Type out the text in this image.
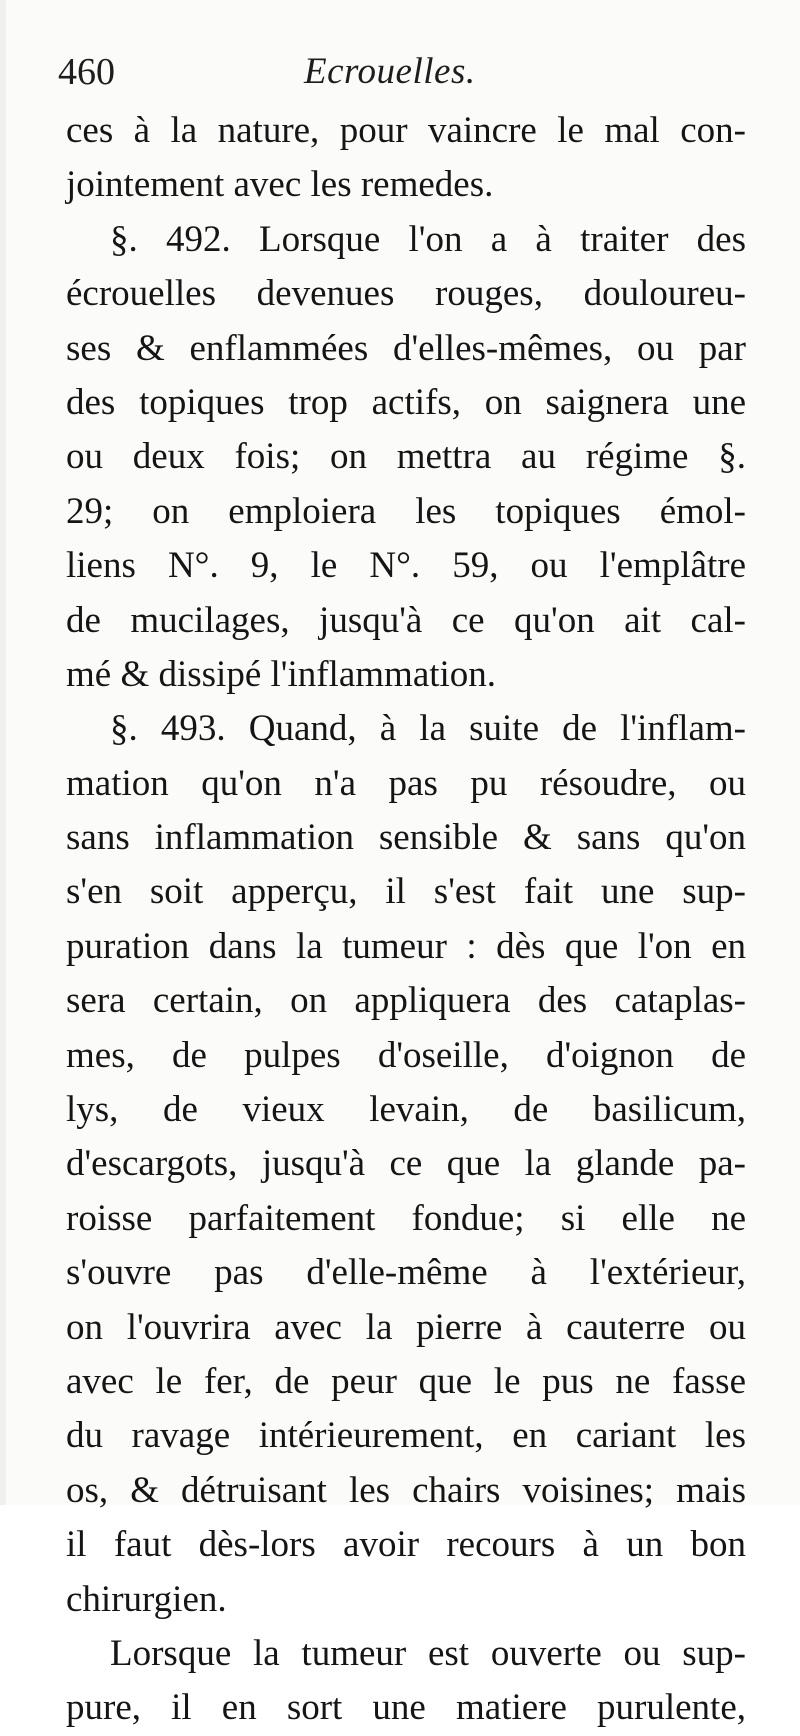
460	Ecrouelles.
ces à la nature, pour vaincre le mal con-
jointement avec les remedes.
§. 492. Lorsque l'on a à traiter des
écrouelles devenues rouges, douloureu-
ses & enflammées d'elles-mêmes, ou par
des topiques trop actifs, on saignera une
ou deux fois; on mettra au régime §.
29; on emploiera les topiques émol-
liens N°. 9, le N°. 59, ou l'emplâtre
de mucilages, jusqu'à ce qu'on ait cal-
mé & dissipé l'inflammation.
§. 493. Quand, à la suite de l'inflam-
mation qu'on n'a pas pu résoudre, ou
sans inflammation sensible & sans qu'on
s'en soit apperçu, il s'est fait une sup-
puration dans la tumeur : dès que l'on en
sera certain, on appliquera des cataplas-
mes, de pulpes d'oseille, d'oignon de
lys, de vieux levain, de basilicum,
d'escargots, jusqu'à ce que la glande pa-
roisse parfaitement fondue; si elle ne
s'ouvre pas d'elle-même à l'extérieur,
on l'ouvrira avec la pierre à cauterre ou
avec le fer, de peur que le pus ne fasse
du ravage intérieurement, en cariant les
os, & détruisant les chairs voisines; mais
il faut dès-lors avoir recours à un bon
chirurgien.
Lorsque la tumeur est ouverte ou sup-
pure, il en sort une matiere purulente,
